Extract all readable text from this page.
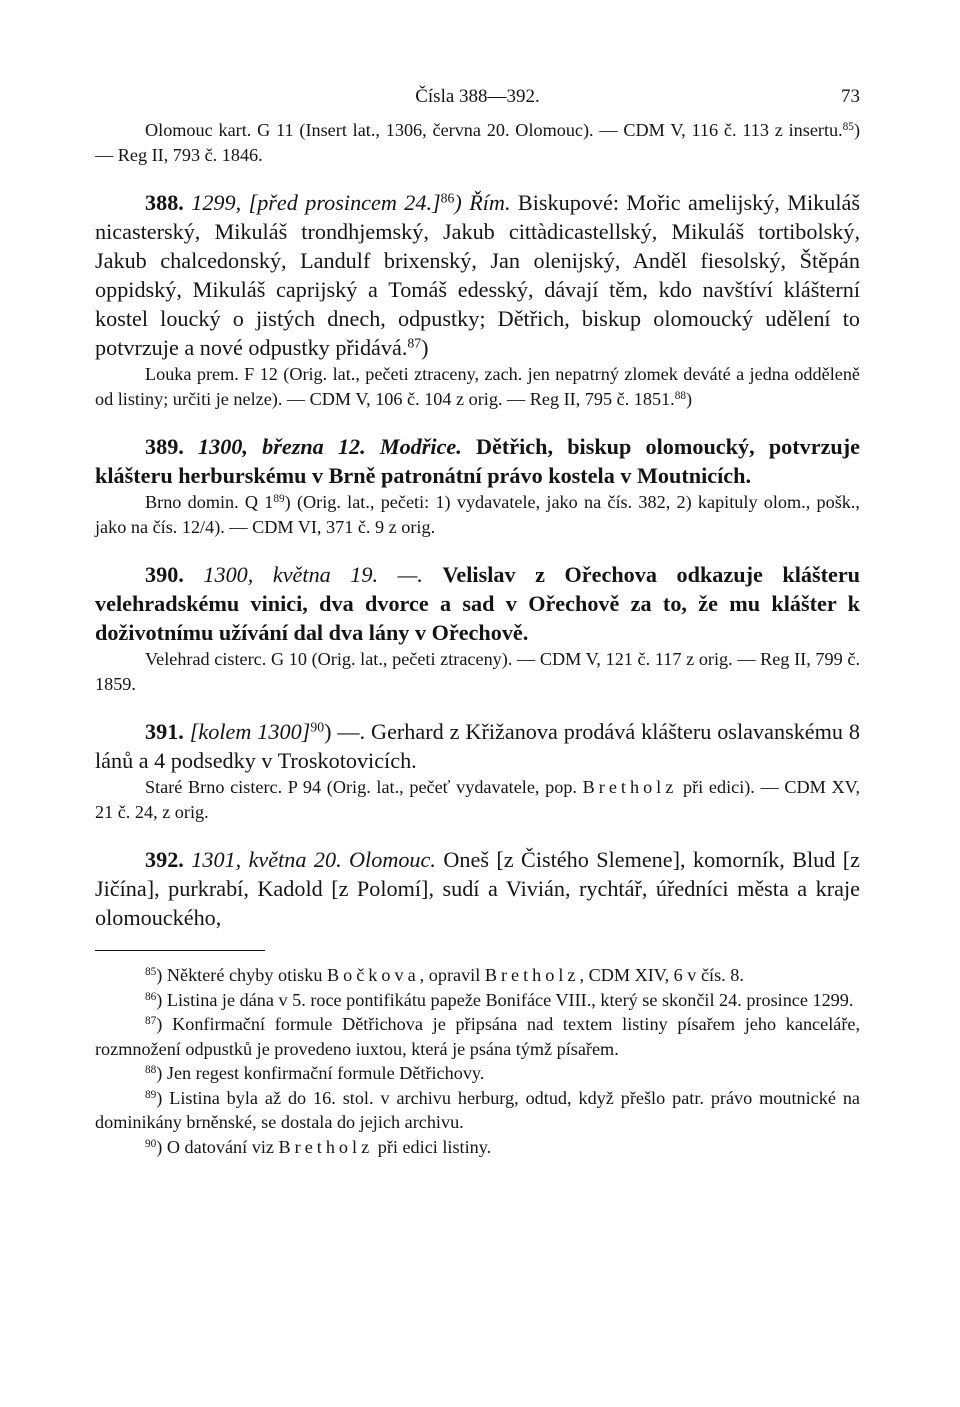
Čísla 388—392.	73

Olomouc kart. G 11 (Insert lat., 1306, června 20. Olomouc). — CDM V, 116 č. 113 z insertu.$^{85}$) — Reg II, 793 č. 1846.

388. 1299, [před prosincem 24.]$^{86}$) Řím. Biskupové: Mořic amelijský, Mikuláš nicasterský, Mikuláš trondhjemský, Jakub cittàdicastellský, Mikuláš tortibolský, Jakub chalcedonský, Landulf brixenský, Jan olenijský, Anděl fiesolský, Štěpán oppidský, Mikuláš caprijský a Tomáš edesský, dávají těm, kdo navštíví klášterní kostel loucký o jistých dnech, odpustky; Dětřich, biskup olomoucký udělení to potvrzuje a nové odpustky přidává.$^{87}$)

Louka prem. F 12 (Orig. lat., pečeti ztraceny, zach. jen nepatrný zlomek deváté a jedna odděleně od listiny; určiti je nelze). — CDM V, 106 č. 104 z orig. — Reg II, 795 č. 1851.88)

389. 1300, března 12. Modřice. Dětřich, biskup olomoucký, potvrzuje klášteru herburskému v Brně patronátní právo kostela v Moutnicích.

Brno domin. Q $1^{89}$) (Orig. lat., pečeti: 1) vydavatele, jako na čís. 382, 2) kapituly olom., pošk., jako na čís. 12/4). — CDM VI, 371 č. 9 z orig.

390. 1300, května 19. —. Velislav z Ořechova odkazuje klášteru velehradskému vinici, dva dvorce a sad v Ořechově za to, že mu klášter k doživotnímu užívání dal dva lány v Ořechově.

Velehrad cisterc. G 10 (Orig. lat., pečeti ztraceny). — CDM V, 121 č. 117 z orig. — Reg II, 799 č. 1859.

391. [kolem 1300]$^{90}$) —. Gerhard z Křižanova prodává klášteru oslavanskému 8 lánů a 4 podsedky v Troskotovicích.

Staré Brno cisterc. P 94 (Orig. lat., pečeť vydavatele, pop. Bretholz při edici). — CDM XV, 21 č. 24, z orig.

392. 1301, května 20. Olomouc. Oneš [z Čistého Slemene], komorník, Blud [z Jičína], purkrabí, Kadold [z Polomí], sudí a Vivián, rychtář, úředníci města a kraje olomouckého,

$^{85}$) Některé chyby otisku Bočkova, opravil Bretholz, CDM XIV, 6 v čís. 8.

$^{86}$) Listina je dána v 5. roce pontifikátu papeže Bonifáce VIII., který se skončil 24. prosince 1299.

$^{87}$) Konfirmační formule Dětřichova je připsána nad textem listiny písařem jeho kanceláře, rozmnožení odpustků je provedeno iuxtou, která je psána týmž písařem.

$^{88}$) Jen regest konfirmační formule Dětřichovy.

$^{89}$) Listina byla až do 16. stol. v archivu herburg, odtud, když přešlo patr. právo moutnické na dominikány brněnské, se dostala do jejich archivu.

$^{90}$) O datování viz Bretholz při edici listiny.
